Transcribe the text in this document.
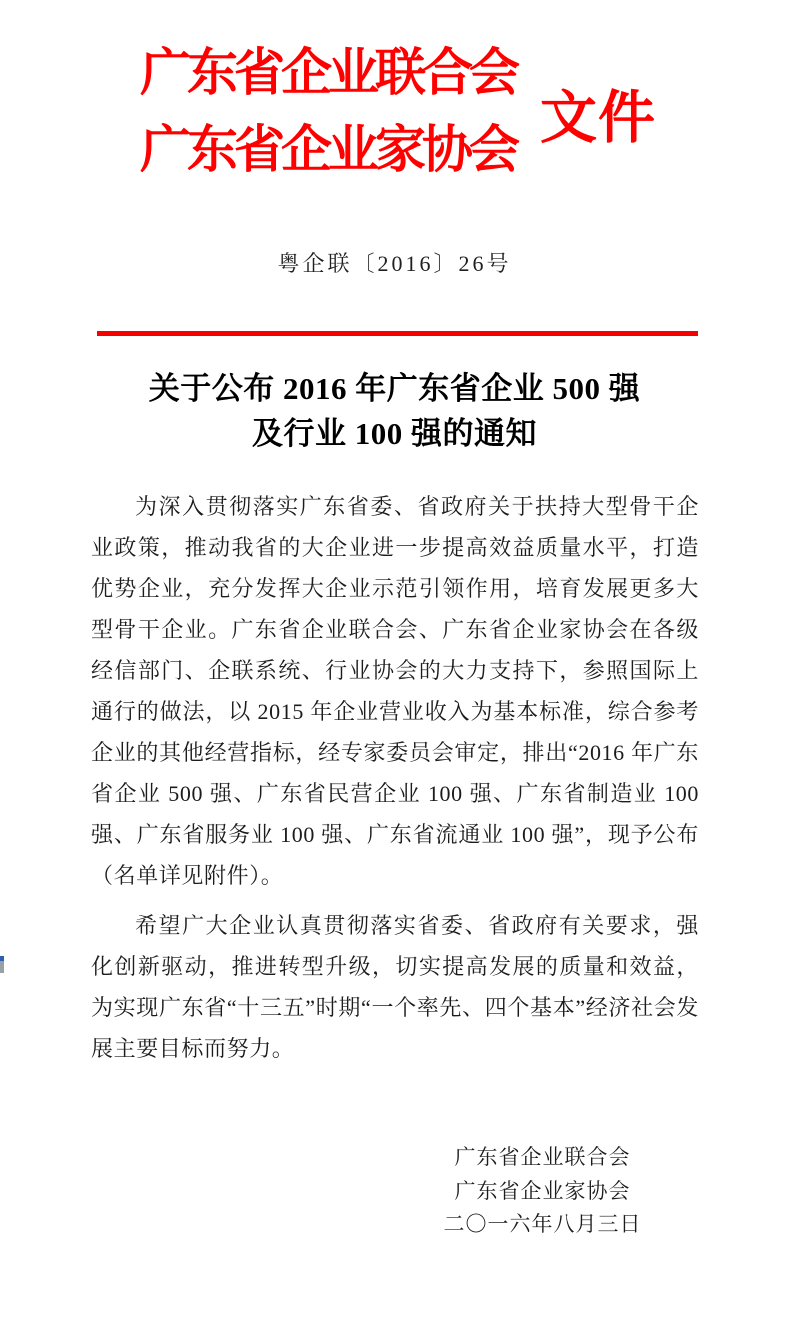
广东省企业联合会
广东省企业家协会
文件
粤企联〔2016〕26号
关于公布 2016 年广东省企业 500 强
及行业 100 强的通知

为深入贯彻落实广东省委、省政府关于扶持大型骨干企业政策，推动我省的大企业进一步提高效益质量水平，打造优势企业，充分发挥大企业示范引领作用，培育发展更多大型骨干企业。广东省企业联合会、广东省企业家协会在各级经信部门、企联系统、行业协会的大力支持下，参照国际上通行的做法，以 2015 年企业营业收入为基本标准，综合参考企业的其他经营指标，经专家委员会审定，排出“2016 年广东省企业 500 强、广东省民营企业 100 强、广东省制造业 100 强、广东省服务业 100 强、广东省流通业 100 强”，现予公布（名单详见附件）。

希望广大企业认真贯彻落实省委、省政府有关要求，强化创新驱动，推进转型升级，切实提高发展的质量和效益，为实现广东省“十三五”时期“一个率先、四个基本”经济社会发展主要目标而努力。

广东省企业联合会
广东省企业家协会
二〇一六年八月三日
